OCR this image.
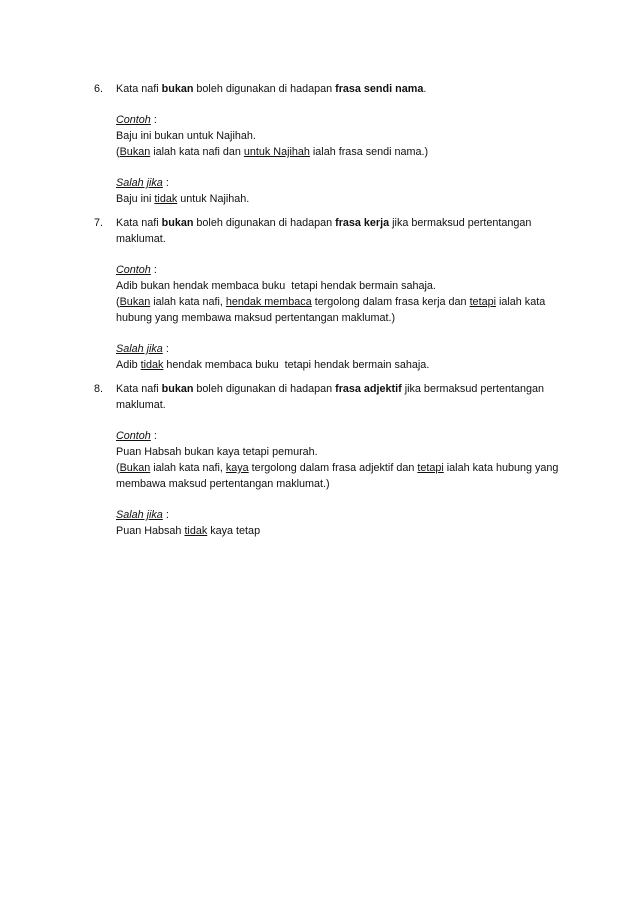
6. Kata nafi bukan boleh digunakan di hadapan frasa sendi nama.
Contoh :
Baju ini bukan untuk Najihah.
(Bukan ialah kata nafi dan untuk Najihah ialah frasa sendi nama.)
Salah jika :
Baju ini tidak untuk Najihah.
7. Kata nafi bukan boleh digunakan di hadapan frasa kerja jika bermaksud pertentangan
maklumat.
Contoh :
Adib bukan hendak membaca buku  tetapi hendak bermain sahaja.
(Bukan ialah kata nafi, hendak membaca tergolong dalam frasa kerja dan tetapi ialah kata
hubung yang membawa maksud pertentangan maklumat.)
Salah jika :
Adib tidak hendak membaca buku  tetapi hendak bermain sahaja.
8. Kata nafi bukan boleh digunakan di hadapan frasa adjektif jika bermaksud pertentangan
maklumat.
Contoh :
Puan Habsah bukan kaya tetapi pemurah.
(Bukan ialah kata nafi, kaya tergolong dalam frasa adjektif dan tetapi ialah kata hubung yang
membawa maksud pertentangan maklumat.)
Salah jika :
Puan Habsah tidak kaya tetap
